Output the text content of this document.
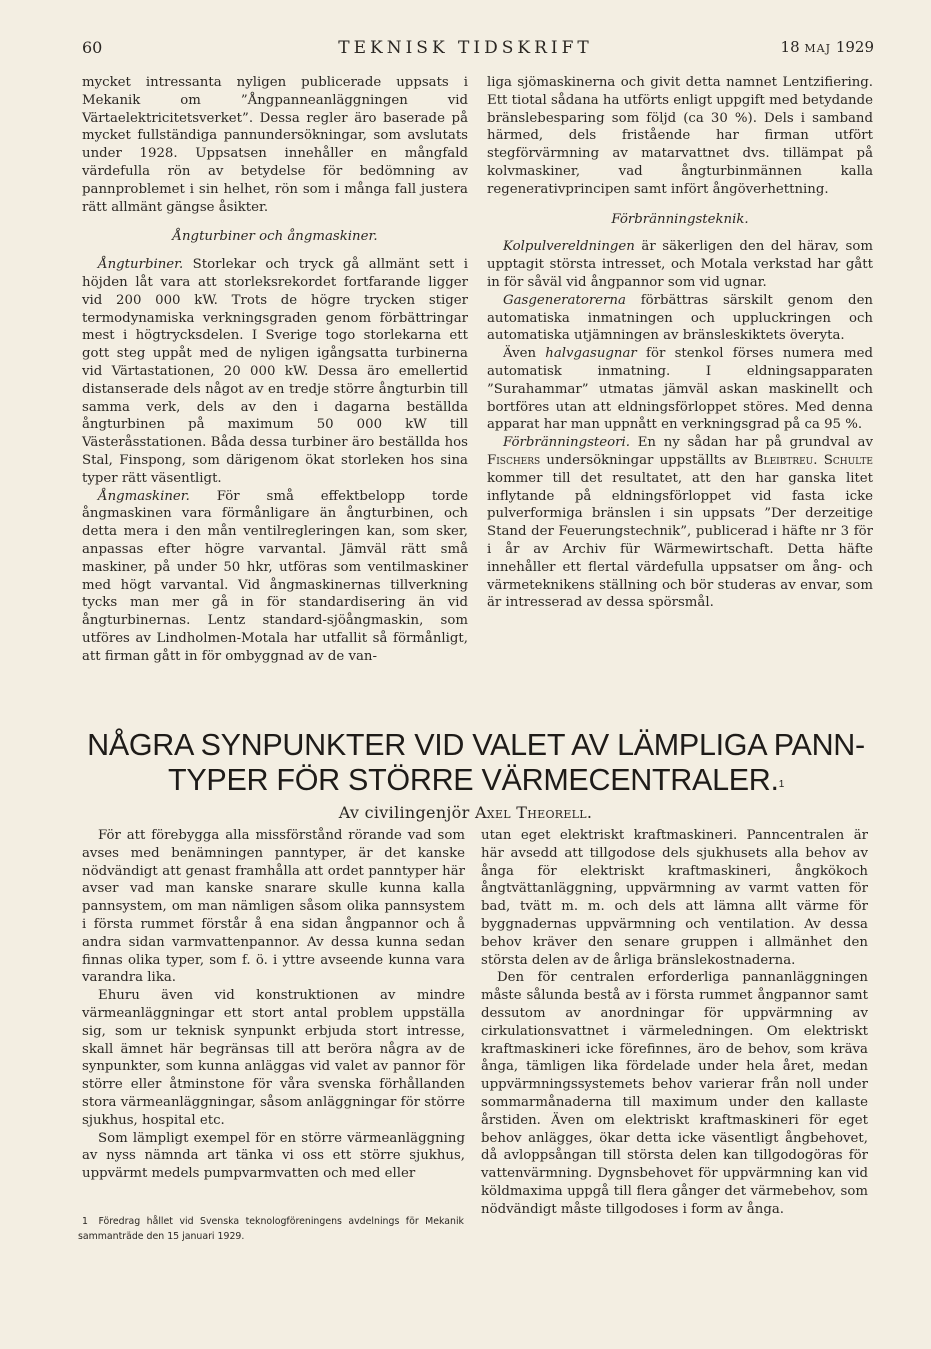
60	TEKNISK TIDSKRIFT	18 MAJ 1929

mycket intressanta nyligen publicerade uppsats i Mekanik om ”Ångpanneanläggningen vid Värtaelektricitetsverket”. Dessa regler äro baserade på mycket fullständiga pannundersökningar, som avslutats under 1928. Uppsatsen innehåller en mångfald värdefulla rön av betydelse för bedömning av pannproblemet i sin helhet, rön som i många fall justera rätt allmänt gängse åsikter.

Ångturbiner och ångmaskiner.

Ångturbiner. Storlekar och tryck gå allmänt sett i höjden låt vara att storleksrekordet fortfarande ligger vid 200 000 kW. Trots de högre trycken stiger termodynamiska verkningsgraden genom förbättringar mest i högtrycksdelen. I Sverige togo storlekarna ett gott steg uppåt med de nyligen igångsatta turbinerna vid Värtastationen, 20 000 kW. Dessa äro emellertid distanserade dels något av en tredje större ångturbin till samma verk, dels av den i dagarna beställda ångturbinen på maximum 50 000 kW till Västeråsstationen. Båda dessa turbiner äro beställda hos Stal, Finspong, som därigenom ökat storleken hos sina typer rätt väsentligt.

Ångmaskiner. För små effektbelopp torde ångmaskinen vara förmånligare än ångturbinen, och detta mera i den mån ventilregleringen kan, som sker, anpassas efter högre varvantal. Jämväl rätt små maskiner, på under 50 hkr, utföras som ventilmaskiner med högt varvantal. Vid ångmaskinernas tillverkning tycks man mer gå in för standardisering än vid ångturbinernas. Lentz standard-sjöångmaskin, som utföres av Lindholmen-Motala har utfallit så förmånligt, att firman gått in för ombyggnad av de van-

liga sjömaskinerna och givit detta namnet Lentzifiering. Ett tiotal sådana ha utförts enligt uppgift med betydande bränslebesparing som följd (ca 30 %). Dels i samband härmed, dels fristående har firman utfört stegförvärmning av matarvattnet dvs. tillämpat på kolvmaskiner, vad ångturbinmännen kalla regenerativprincipen samt infört ångöverhettning.

Förbränningsteknik.

Kolpulvereldningen är säkerligen den del härav, som upptagit största intresset, och Motala verkstad har gått in för såväl vid ångpannor som vid ugnar.

Gasgeneratorerna förbättras särskilt genom den automatiska inmatningen och uppluckringen och automatiska utjämningen av bränsleskiktets överyta.

Även halvgasugnar för stenkol förses numera med automatisk inmatning. I eldningsapparaten ”Surahammar” utmatas jämväl askan maskinellt och bortföres utan att eldningsförloppet störes. Med denna apparat har man uppnått en verkningsgrad på ca 95 %.

Förbränningsteori. En ny sådan har på grundval av Fischers undersökningar uppställts av Bleibtreu. Schulte kommer till det resultatet, att den har ganska litet inflytande på eldningsförloppet vid fasta icke pulverformiga bränslen i sin uppsats ”Der derzeitige Stand der Feuerungstechnik”, publicerad i häfte nr 3 för i år av Archiv für Wärmewirtschaft. Detta häfte innehåller ett flertal värdefulla uppsatser om ång- och värmeteknikens ställning och bör studeras av envar, som är intresserad av dessa spörsmål.

NÅGRA SYNPUNKTER VID VALET AV LÄMPLIGA PANN-
TYPER FÖR STÖRRE VÄRMECENTRALER.$^1$
Av civilingenjör Axel Theorell.

För att förebygga alla missförstånd rörande vad som avses med benämningen panntyper, är det kanske nödvändigt att genast framhålla att ordet panntyper här avser vad man kanske snarare skulle kunna kalla pannsystem, om man nämligen såsom olika pannsystem i första rummet förstår å ena sidan ångpannor och å andra sidan varmvattenpannor. Av dessa kunna sedan finnas olika typer, som f. ö. i yttre avseende kunna vara varandra lika.

Ehuru även vid konstruktionen av mindre värmeanläggningar ett stort antal problem uppställa sig, som ur teknisk synpunkt erbjuda stort intresse, skall ämnet här begränsas till att beröra några av de synpunkter, som kunna anläggas vid valet av pannor för större eller åtminstone för våra svenska förhållanden stora värmeanläggningar, såsom anläggningar för större sjukhus, hospital etc.

Som lämpligt exempel för en större värmeanläggning av nyss nämnda art tänka vi oss ett större sjukhus, uppvärmt medels pumpvarmvatten och med eller

utan eget elektriskt kraftmaskineri. Panncentralen är här avsedd att tillgodose dels sjukhusets alla behov av ånga för elektriskt kraftmaskineri, ångkökoch ångtvättanläggning, uppvärmning av varmt vatten för bad, tvätt m. m. och dels att lämna allt värme för byggnadernas uppvärmning och ventilation. Av dessa behov kräver den senare gruppen i allmänhet den största delen av de årliga bränslekostnaderna.

Den för centralen erforderliga pannanläggningen måste sålunda bestå av i första rummet ångpannor samt dessutom av anordningar för uppvärmning av cirkulationsvattnet i värmeledningen. Om elektriskt kraftmaskineri icke förefinnes, äro de behov, som kräva ånga, tämligen lika fördelade under hela året, medan uppvärmningssystemets behov varierar från noll under sommarmånaderna till maximum under den kallaste årstiden. Även om elektriskt kraftmaskineri för eget behov anlägges, ökar detta icke väsentligt ångbehovet, då avloppsångan till största delen kan tillgodogöras för vattenvärmning. Dygnsbehovet för uppvärmning kan vid köldmaxima uppgå till flera gånger det värmebehov, som nödvändigt måste tillgodoses i form av ånga.

1 Föredrag hållet vid Svenska teknologföreningens avdelnings för Mekanik sammanträde den 15 januari 1929.
